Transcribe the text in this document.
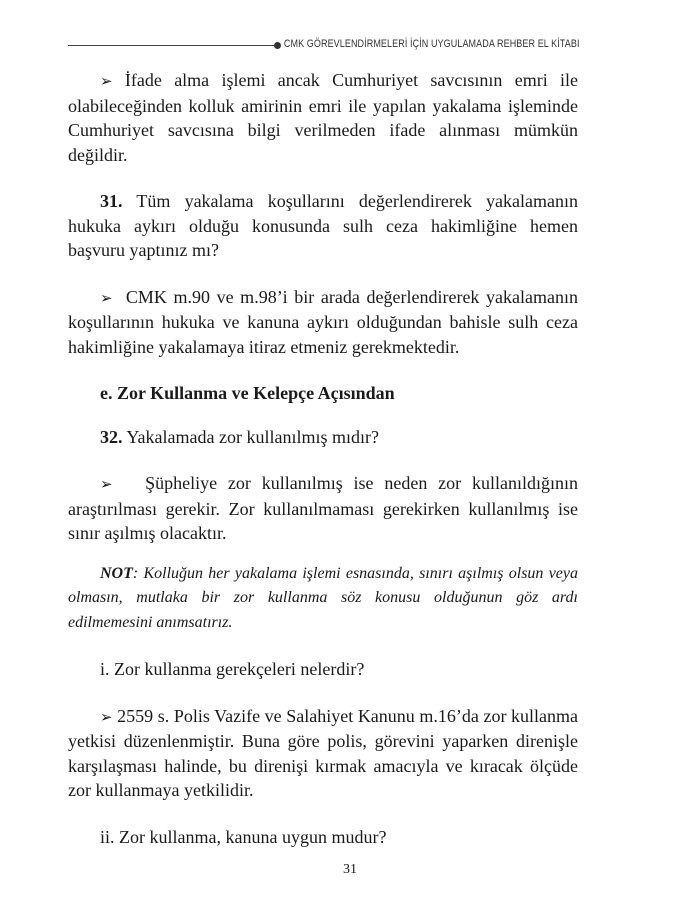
CMK GÖREVLENDİRMELERİ İÇİN UYGULAMADA REHBER EL KİTABI

➢ İfade alma işlemi ancak Cumhuriyet savcısının emri ile olabileceğinden kolluk amirinin emri ile yapılan yakalama işleminde Cumhuriyet savcısına bilgi verilmeden ifade alınması mümkün değildir.

31. Tüm yakalama koşullarını değerlendirerek yakalamanın hukuka aykırı olduğu konusunda sulh ceza hakimliğine hemen başvuru yaptınız mı?

➢ CMK m.90 ve m.98’i bir arada değerlendirerek yakalamanın koşullarının hukuka ve kanuna aykırı olduğundan bahisle sulh ceza hakimliğine yakalamaya itiraz etmeniz gerekmektedir.

e. Zor Kullanma ve Kelepçe Açısından

32. Yakalamada zor kullanılmış mıdır?

➢ Şüpheliye zor kullanılmış ise neden zor kullanıldığının araştırılması gerekir. Zor kullanılmaması gerekirken kullanılmış ise sınır aşılmış olacaktır.

NOT: Kolluğun her yakalama işlemi esnasında, sınırı aşılmış olsun veya olmasın, mutlaka bir zor kullanma söz konusu olduğunun göz ardı edilmemesini anımsatırız.

i. Zor kullanma gerekçeleri nelerdir?

➢ 2559 s. Polis Vazife ve Salahiyet Kanunu m.16’da zor kullanma yetkisi düzenlenmiştir. Buna göre polis, görevini yaparken direnişle karşılaşması halinde, bu direnişi kırmak amacıyla ve kıracak ölçüde zor kullanmaya yetkilidir.

ii. Zor kullanma, kanuna uygun mudur?

31
